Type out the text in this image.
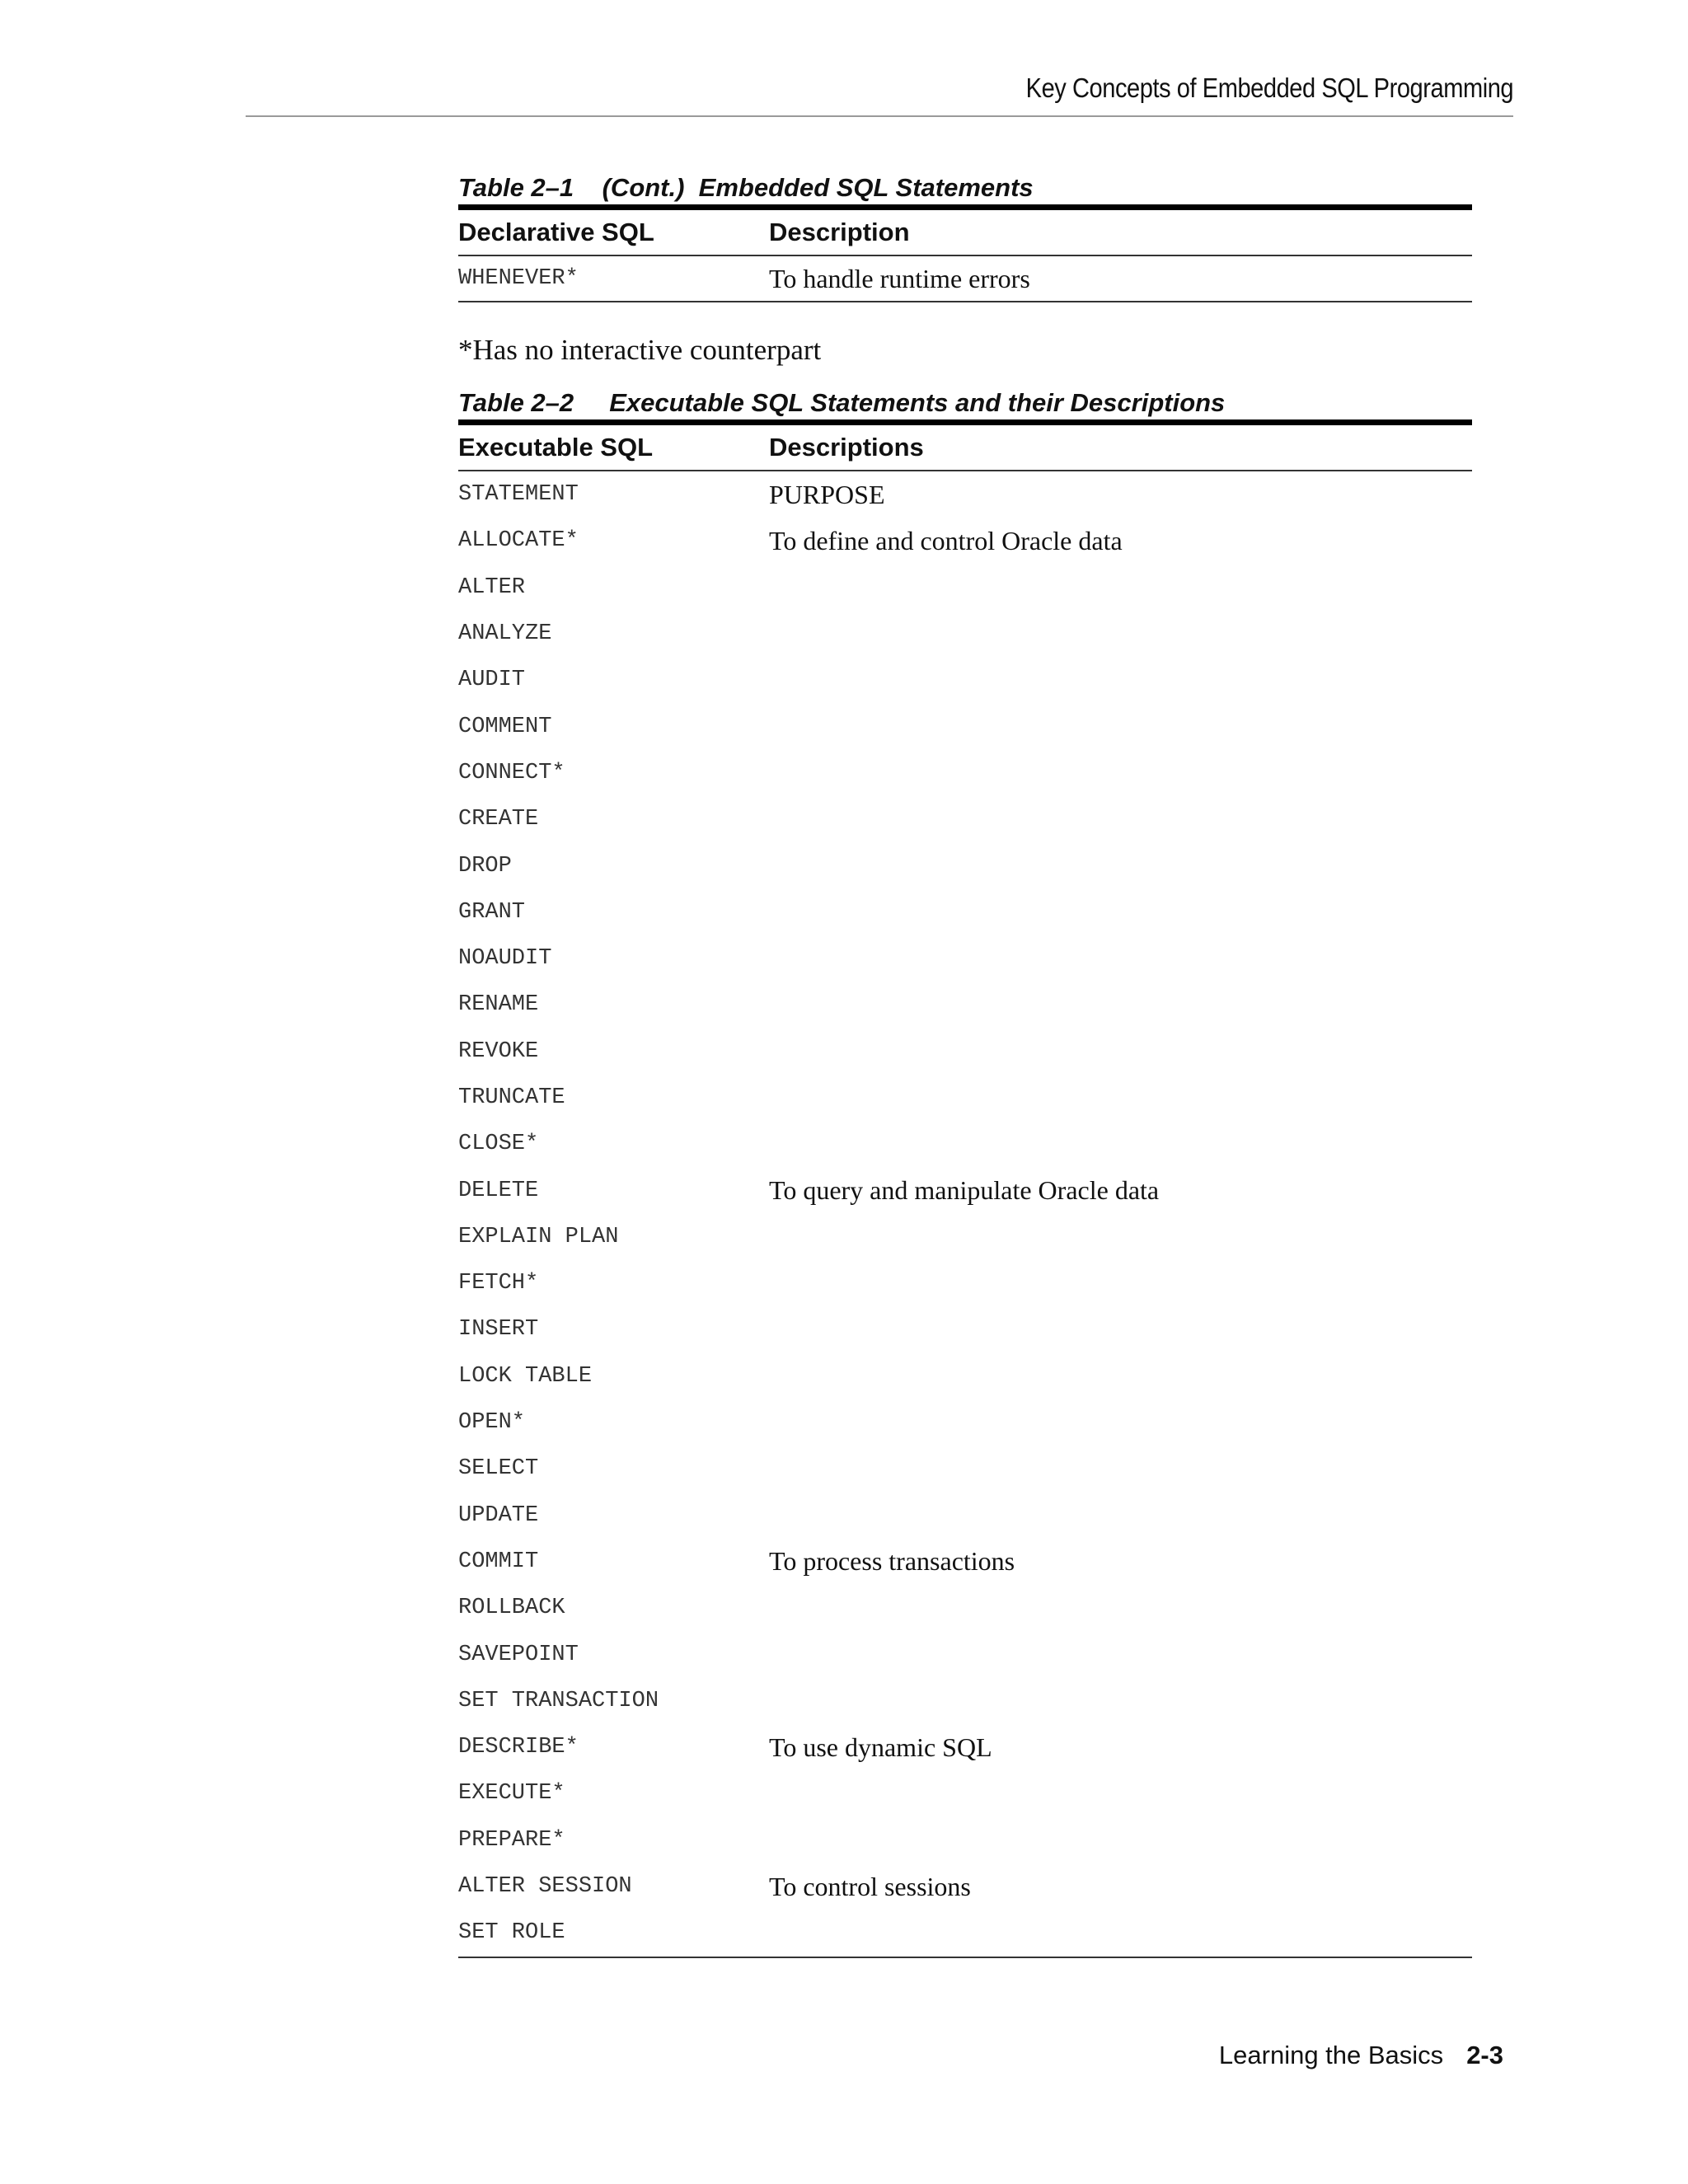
Key Concepts of Embedded SQL Programming
Table 2–1    (Cont.)  Embedded SQL Statements
Declarative SQL	Description
WHENEVER*	To handle runtime errors
*Has no interactive counterpart
Table 2–2     Executable SQL Statements and their Descriptions
Executable SQL	Descriptions
STATEMENT	PURPOSE
ALLOCATE*	To define and control Oracle data
ALTER	
ANALYZE	
AUDIT	
COMMENT	
CONNECT*	
CREATE	
DROP	
GRANT	
NOAUDIT	
RENAME	
REVOKE	
TRUNCATE	
CLOSE*	
DELETE	To query and manipulate Oracle data
EXPLAIN PLAN	
FETCH*	
INSERT	
LOCK TABLE	
OPEN*	
SELECT	
UPDATE	
COMMIT	To process transactions
ROLLBACK	
SAVEPOINT	
SET TRANSACTION	
DESCRIBE*	To use dynamic SQL
EXECUTE*	
PREPARE*	
ALTER SESSION	To control sessions
SET ROLE	
Learning the Basics 2-3
